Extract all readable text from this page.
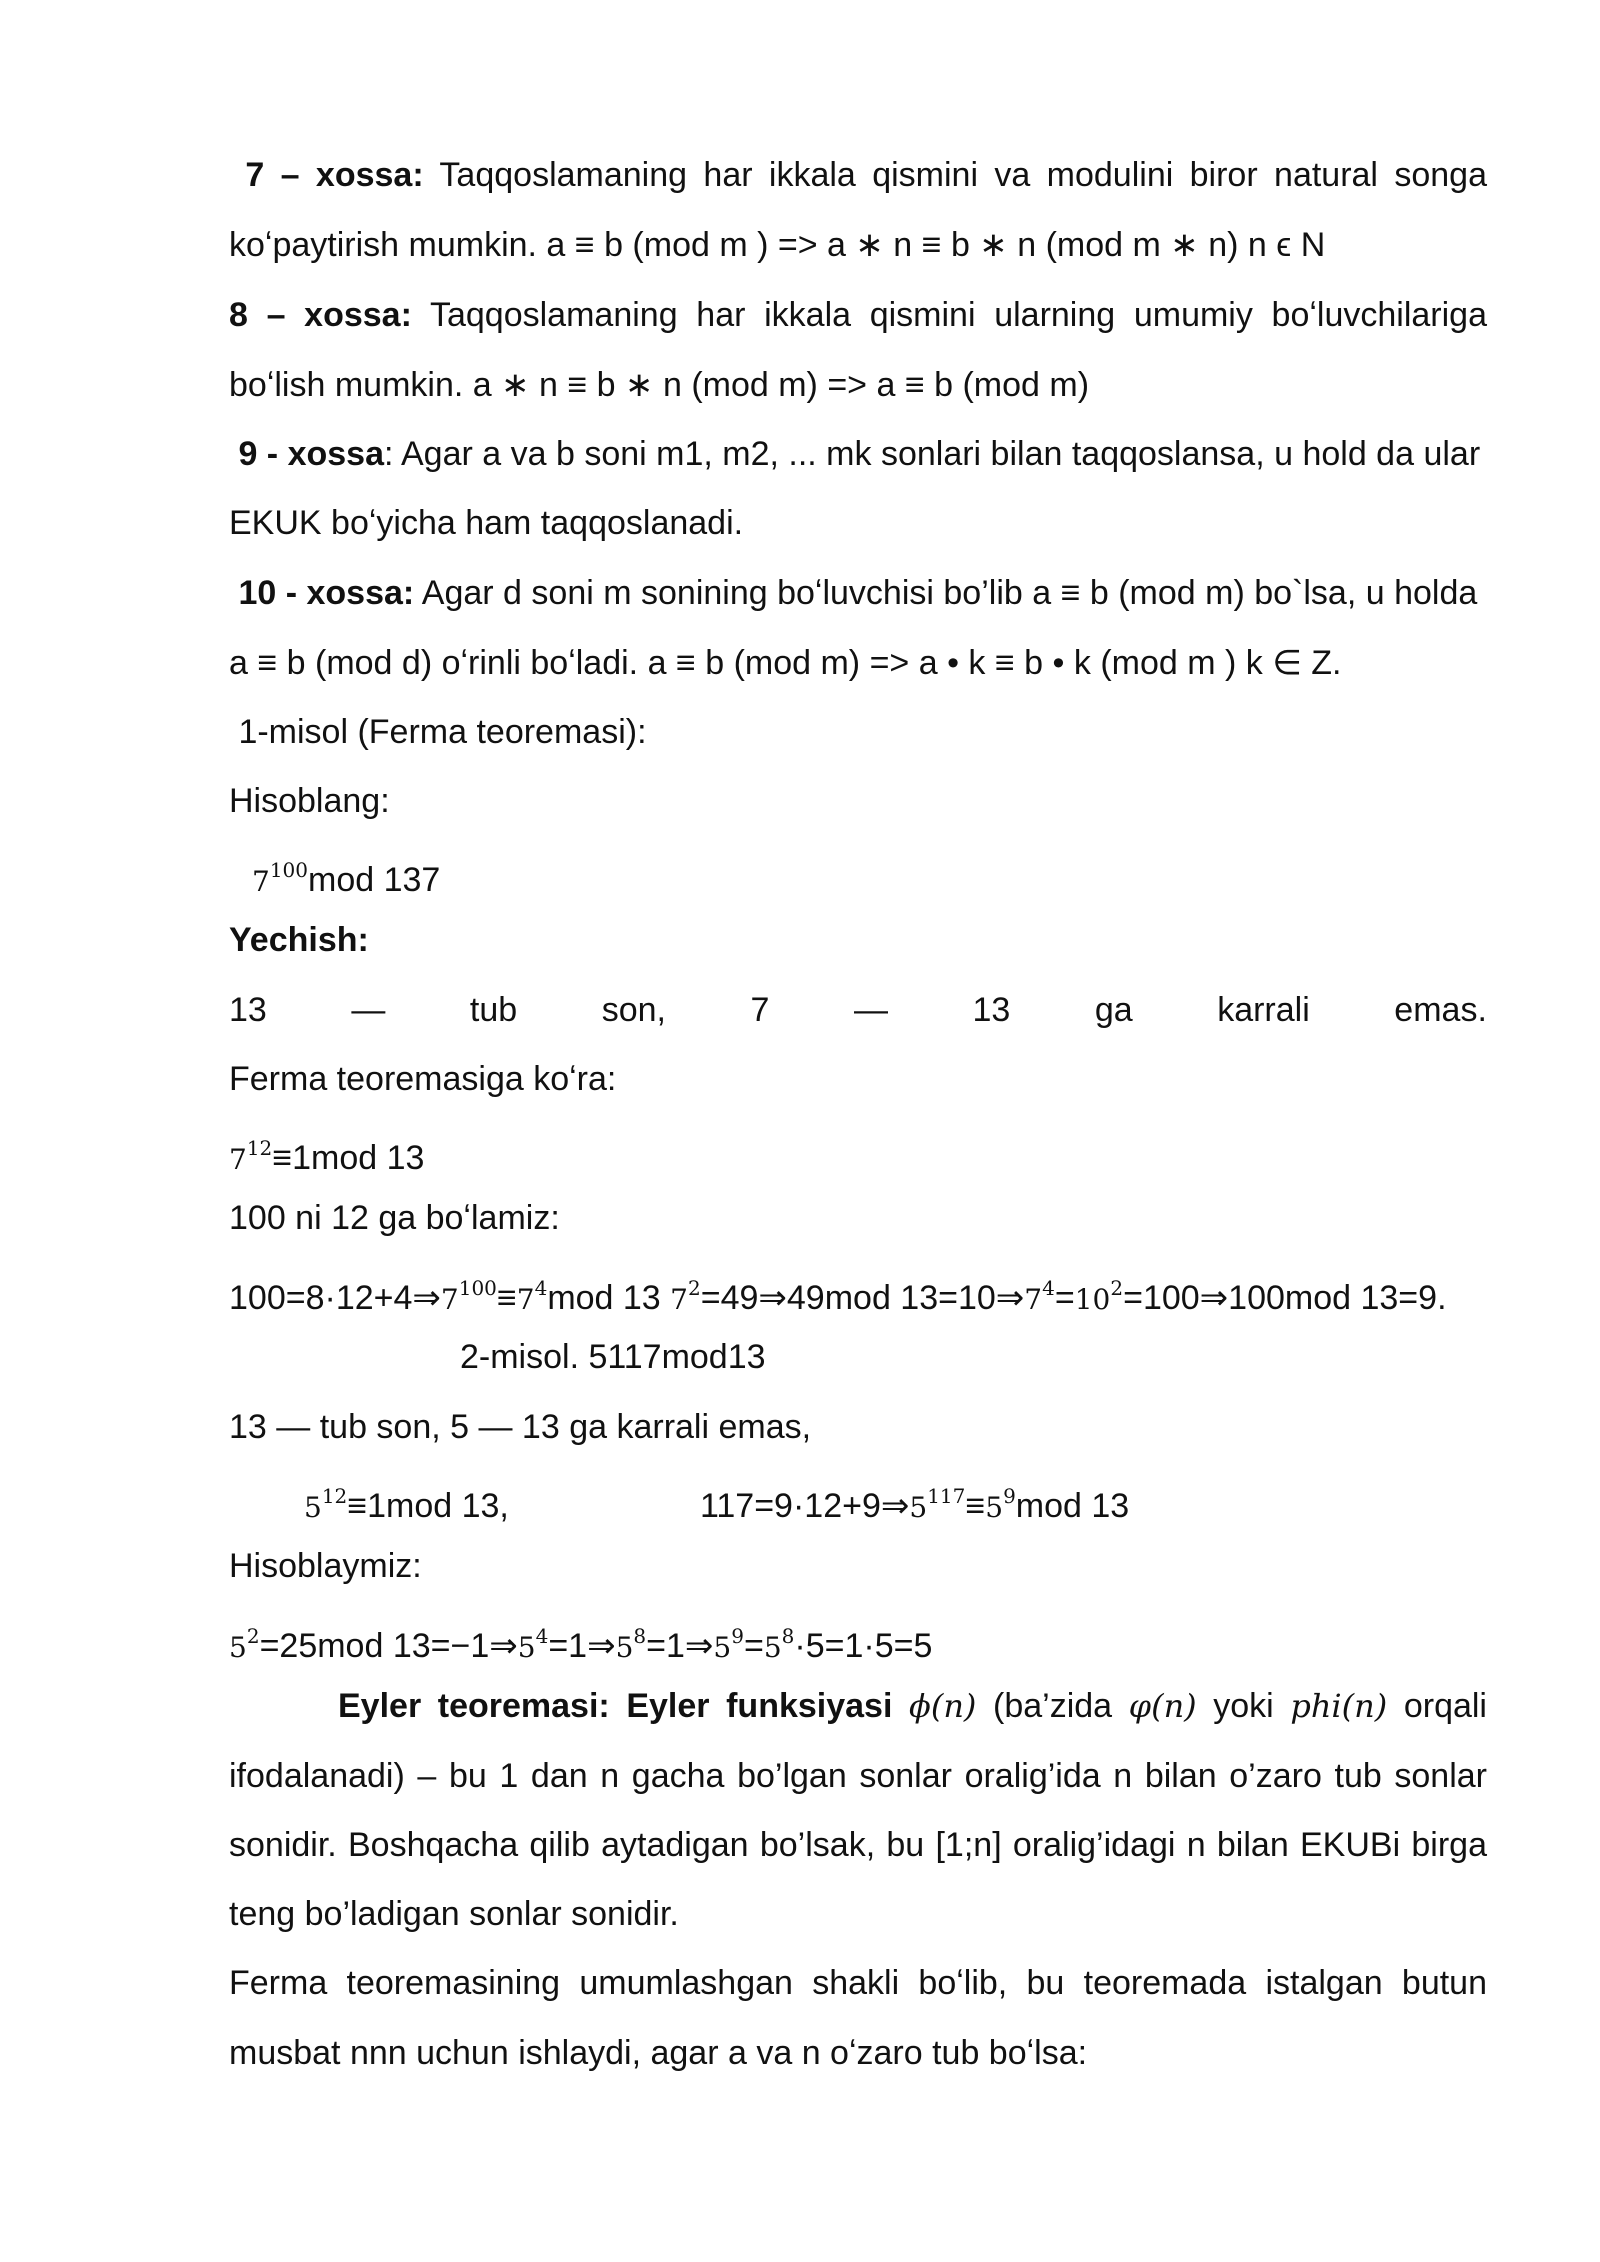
7 – xossa: Taqqoslamaning har ikkala qismini va modulini biror natural songa
koʻpaytirish mumkin. a ≡ b (mod m ) => a ∗ n ≡ b ∗ n (mod m ∗ n) n ϵ N
8 – xossa: Taqqoslamaning har ikkala qismini ularning umumiy boʻluvchilariga
boʻlish mumkin. a ∗ n ≡ b ∗ n (mod m) => a ≡ b (mod m)
9 - xossa: Agar a va b soni m1, m2, ... mk sonlari bilan taqqoslansa, u hold da ular
EKUK boʻyicha ham taqqoslanadi.
10 - xossa: Agar d soni m sonining boʻluvchisi bo’lib a ≡ b (mod m) bo`lsa, u holda
a ≡ b (mod d) oʻrinli boʻladi. a ≡ b (mod m) => a • k ≡ b • k (mod m ) k ∈ Z.
1-misol (Ferma teoremasi):
Hisoblang:
$7^{100}mod$ 137
Yechish:
13 — tub son, 7 — 13 ga karrali emas.
Ferma teoremasiga koʻra:
$7^{12}\equiv 1mod$ 13
100 ni 12 ga boʻlamiz:
$100=8\cdot 12+4\Rightarrow 7^{100}\equiv 7^4mod$ 13 $7^2=49\Rightarrow 49mod$ $13=10\Rightarrow 7^4=10^2=100\Rightarrow 100mod$ 13=9.
2-misol. 5117mod13
13 — tub son, 5 — 13 ga karrali emas,
$5^{12}\equiv 1mod$ 13,	$117=9\cdot 12+9\Rightarrow 5^{117}\equiv 5^9mod$ 13
Hisoblaymiz:
$5^2=25mod$ $13=-1\Rightarrow 5^4=1\Rightarrow 5^8=1\Rightarrow 5^9=5^8\cdot 5=1\cdot 5=5$
Eyler teoremasi: Eyler funksiyasi ϕ(n) (ba’zida φ(n) yoki phi(n) orqali
ifodalanadi) – bu 1 dan n gacha bo’lgan sonlar oralig’ida n bilan o’zaro tub sonlar
sonidir. Boshqacha qilib aytadigan bo’lsak, bu [1;n] oralig’idagi n bilan EKUBi birga
teng bo’ladigan sonlar sonidir.
Ferma teoremasining umumlashgan shakli boʻlib, bu teoremada istalgan butun
musbat nnn uchun ishlaydi, agar a va n oʻzaro tub boʻlsa:
